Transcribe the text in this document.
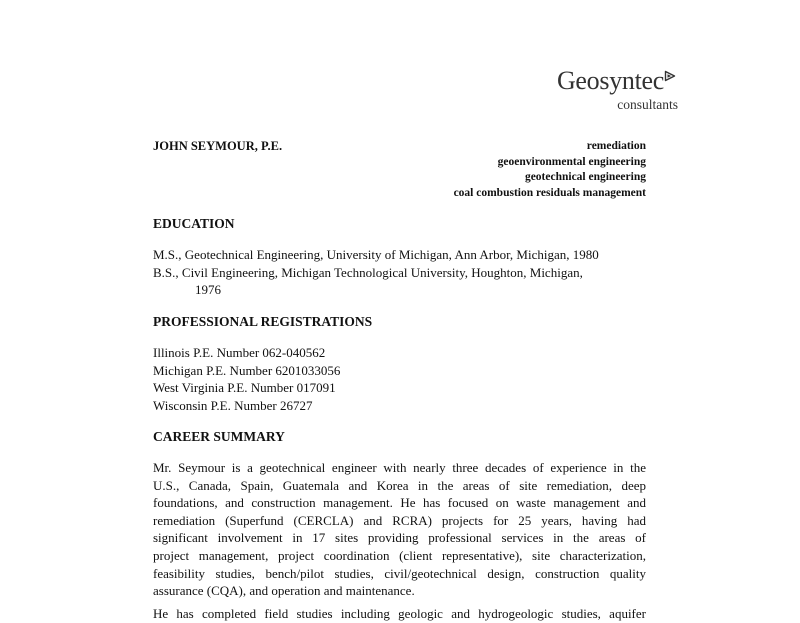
Geosyntec
consultants
JOHN SEYMOUR, P.E.	remediation
geoenvironmental engineering
geotechnical engineering
coal combustion residuals management
EDUCATION
M.S., Geotechnical Engineering, University of Michigan, Ann Arbor, Michigan, 1980
B.S., Civil Engineering, Michigan Technological University, Houghton, Michigan,
1976
PROFESSIONAL REGISTRATIONS
Illinois P.E. Number 062-040562
Michigan P.E. Number 6201033056
West Virginia P.E. Number 017091
Wisconsin P.E. Number 26727
CAREER SUMMARY
Mr. Seymour is a geotechnical engineer with nearly three decades of experience in the
U.S., Canada, Spain, Guatemala and Korea in the areas of site remediation, deep
foundations, and construction management. He has focused on waste management and
remediation (Superfund (CERCLA) and RCRA) projects for 25 years, having had
significant involvement in 17 sites providing professional services in the areas of
project management, project coordination (client representative), site characterization,
feasibility studies, bench/pilot studies, civil/geotechnical design, construction quality
assurance (CQA), and operation and maintenance.
He has completed field studies including geologic and hydrogeologic studies, aquifer
